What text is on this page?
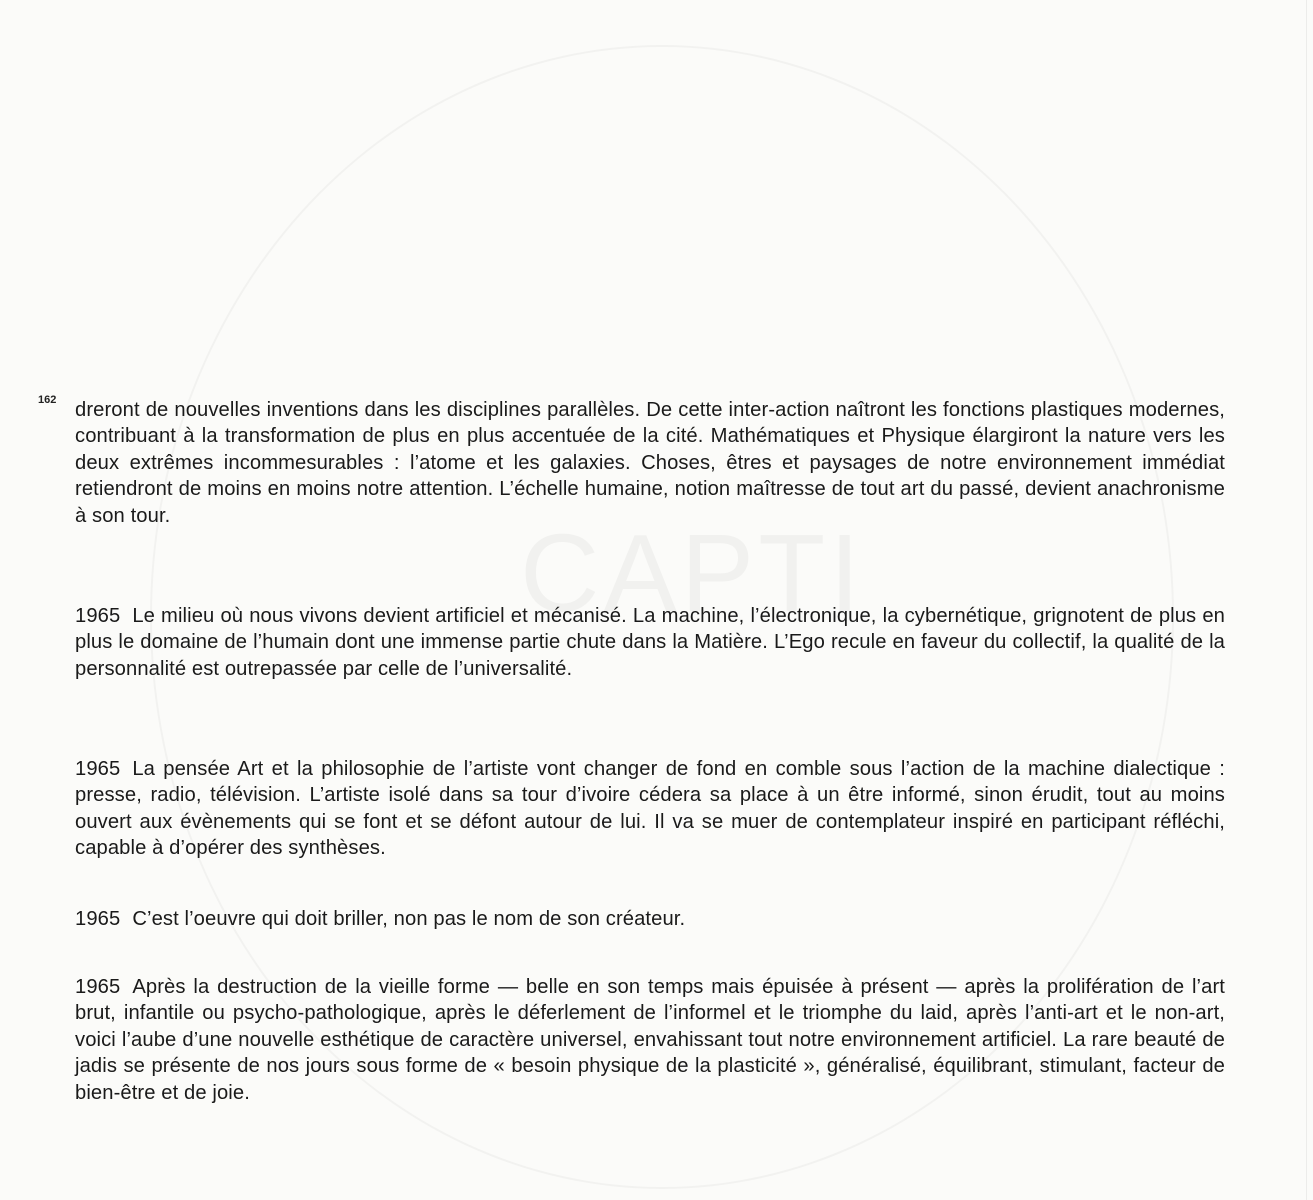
162 dreront de nouvelles inventions dans les disciplines parallèles. De cette inter-action naîtront les fonctions plastiques modernes, contribuant à la transformation de plus en plus accentuée de la cité. Mathématiques et Physique élargiront la nature vers les deux extrêmes incommesurables : l’atome et les galaxies. Choses, êtres et paysages de notre environnement immédiat retiendront de moins en moins notre attention. L’échelle humaine, notion maîtresse de tout art du passé, devient anachronisme à son tour.

1965 Le milieu où nous vivons devient artificiel et mécanisé. La machine, l’électronique, la cybernétique, grignotent de plus en plus le domaine de l’humain dont une immense partie chute dans la Matière. L’Ego recule en faveur du collectif, la qualité de la personnalité est outrepassée par celle de l’universalité.

1965 La pensée Art et la philosophie de l’artiste vont changer de fond en comble sous l’action de la machine dialectique : presse, radio, télévision. L’artiste isolé dans sa tour d’ivoire cédera sa place à un être informé, sinon érudit, tout au moins ouvert aux évènements qui se font et se défont autour de lui. Il va se muer de contemplateur inspiré en participant réfléchi, capable à d’opérer des synthèses.

1965 C’est l’oeuvre qui doit briller, non pas le nom de son créateur.

1965 Après la destruction de la vieille forme — belle en son temps mais épuisée à présent — après la prolifération de l’art brut, infantile ou psycho-pathologique, après le déferlement de l’informel et le triomphe du laid, après l’anti-art et le non-art, voici l’aube d’une nouvelle esthétique de caractère universel, envahissant tout notre environnement artificiel. La rare beauté de jadis se présente de nos jours sous forme de « besoin physique de la plasticité », généralisé, équilibrant, stimulant, facteur de bien-être et de joie.
